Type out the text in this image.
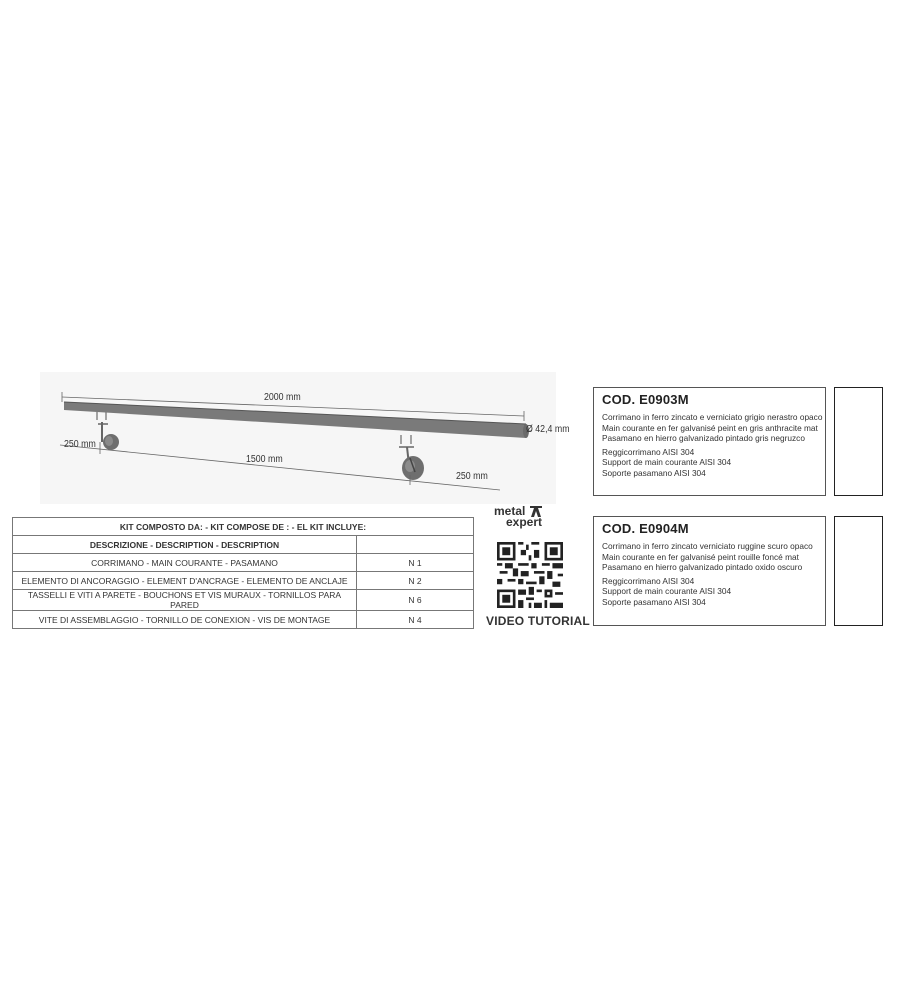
2000 mm
250 mm
1500 mm
250 mm
Ø 42,4 mm
KIT COMPOSTO DA: - KIT COMPOSE DE : - EL KIT INCLUYE:	
DESCRIZIONE - DESCRIPTION - DESCRIPTION	
CORRIMANO - MAIN COURANTE - PASAMANO	N 1
ELEMENTO DI ANCORAGGIO - ELEMENT D'ANCRAGE - ELEMENTO DE ANCLAJE	N 2
TASSELLI E VITI A PARETE - BOUCHONS ET VIS MURAUX - TORNILLOS PARA PARED	N 6
VITE DI ASSEMBLAGGIO - TORNILLO DE CONEXION - VIS DE MONTAGE	N 4
metal
expert
VIDEO TUTORIAL
COD. E0903M
Corrimano in ferro zincato e verniciato grigio nerastro opaco
Main courante en fer galvanisé peint en gris anthracite mat
Pasamano en hierro galvanizado pintado gris negruzco
Reggicorrimano AISI 304
Support de main courante AISI 304
Soporte pasamano AISI 304
COD. E0904M
Corrimano in ferro zincato verniciato ruggine scuro opaco
Main courante en fer galvanisé peint rouille foncé mat
Pasamano en hierro galvanizado pintado oxido oscuro
Reggicorrimano AISI 304
Support de main courante AISI 304
Soporte pasamano AISI 304
